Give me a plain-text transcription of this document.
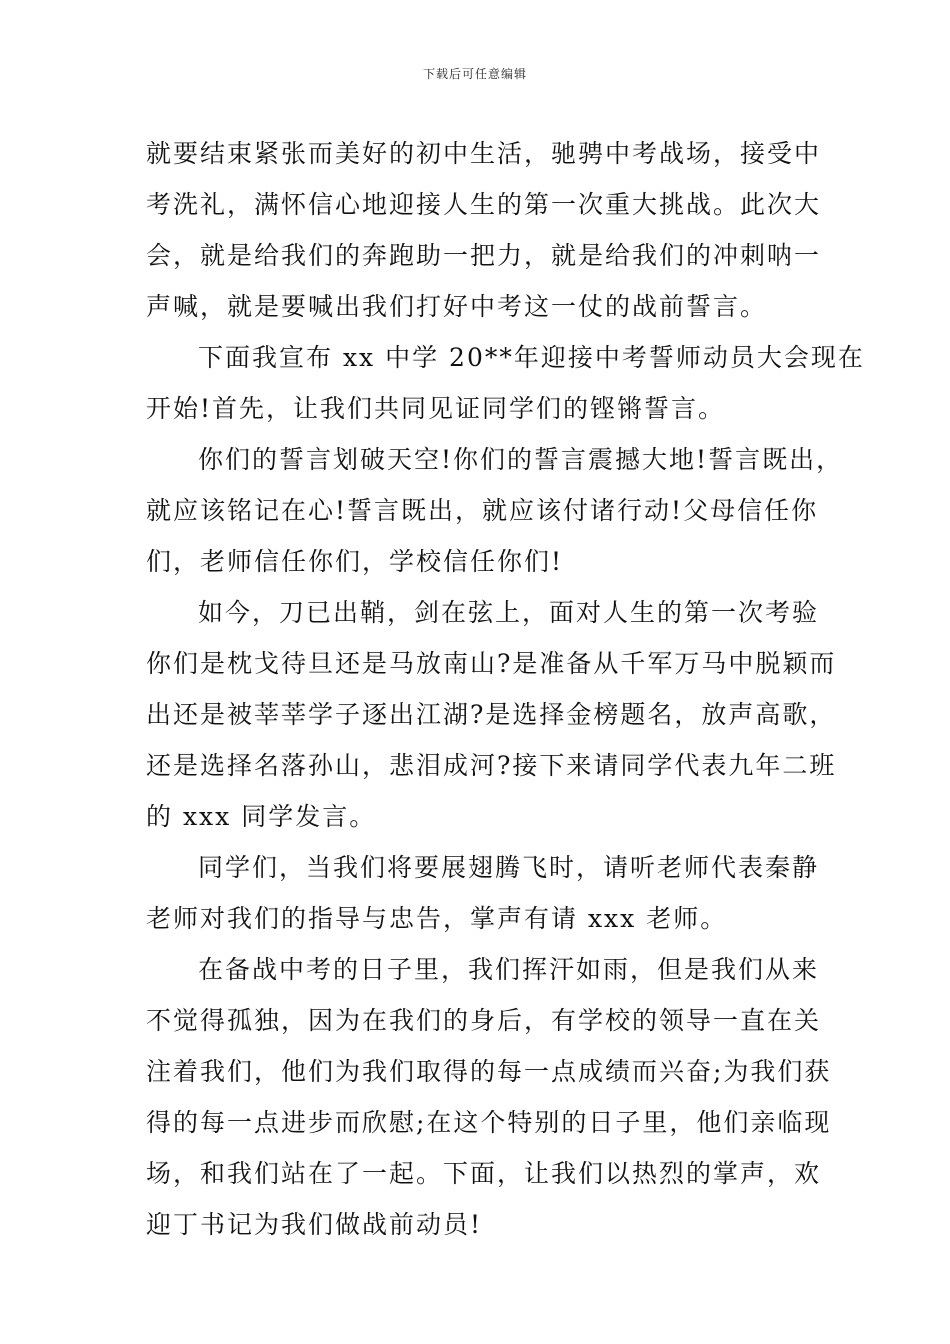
下载后可任意编辑
就要结束紧张而美好的初中生活，驰骋中考战场，接受中
考洗礼，满怀信心地迎接人生的第一次重大挑战。此次大
会，就是给我们的奔跑助一把力，就是给我们的冲刺呐一
声喊，就是要喊出我们打好中考这一仗的战前誓言。
下面我宣布 xx 中学 20**年迎接中考誓师动员大会现在
开始!首先，让我们共同见证同学们的铿锵誓言。
你们的誓言划破天空!你们的誓言震撼大地!誓言既出，
就应该铭记在心!誓言既出，就应该付诸行动!父母信任你
们，老师信任你们，学校信任你们!
如今，刀已出鞘，剑在弦上，面对人生的第一次考验
你们是枕戈待旦还是马放南山?是准备从千军万马中脱颖而
出还是被莘莘学子逐出江湖?是选择金榜题名，放声高歌，
还是选择名落孙山，悲泪成河?接下来请同学代表九年二班
的 xxx 同学发言。
同学们，当我们将要展翅腾飞时，请听老师代表秦静
老师对我们的指导与忠告，掌声有请 xxx 老师。
在备战中考的日子里，我们挥汗如雨，但是我们从来
不觉得孤独，因为在我们的身后，有学校的领导一直在关
注着我们，他们为我们取得的每一点成绩而兴奋;为我们获
得的每一点进步而欣慰;在这个特别的日子里，他们亲临现
场，和我们站在了一起。下面，让我们以热烈的掌声，欢
迎丁书记为我们做战前动员!
